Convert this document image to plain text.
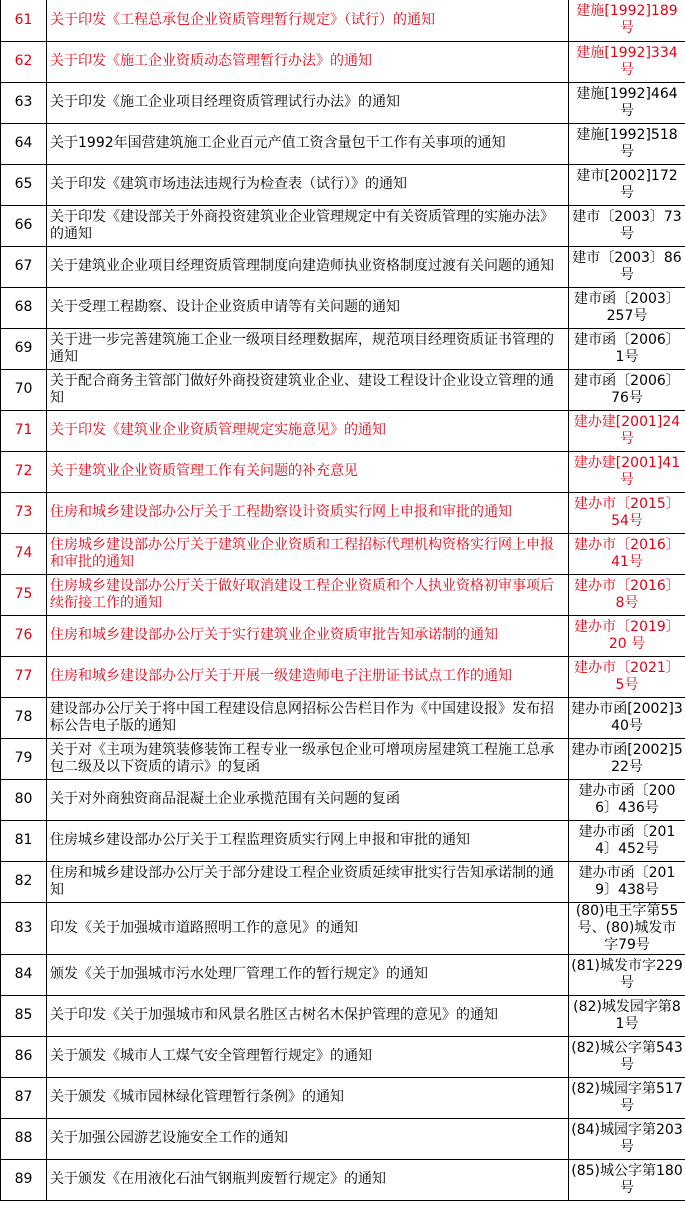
61	关于印发《工程总承包企业资质管理暂行规定》（试行）的通知	建施[1992]189号
62	关于印发《施工企业资质动态管理暂行办法》的通知	建施[1992]334号
63	关于印发《施工企业项目经理资质管理试行办法》的通知	建施[1992]464号
64	关于1992年国营建筑施工企业百元产值工资含量包干工作有关事项的通知	建施[1992]518号
65	关于印发《建筑市场违法违规行为检查表（试行）》的通知	建市[2002]172号
66	关于印发《建设部关于外商投资建筑业企业管理规定中有关资质管理的实施办法》的通知	建市〔2003〕73号
67	关于建筑业企业项目经理资质管理制度向建造师执业资格制度过渡有关问题的通知	建市〔2003〕86号
68	关于受理工程勘察、设计企业资质申请等有关问题的通知	建市函〔2003〕257号
69	关于进一步完善建筑施工企业一级项目经理数据库，规范项目经理资质证书管理的通知	建市函〔2006〕1号
70	关于配合商务主管部门做好外商投资建筑业企业、建设工程设计企业设立管理的通知	建市函〔2006〕76号
71	关于印发《建筑业企业资质管理规定实施意见》的通知	建办建[2001]24号
72	关于建筑业企业资质管理工作有关问题的补充意见	建办建[2001]41号
73	住房和城乡建设部办公厅关于工程勘察设计资质实行网上申报和审批的通知	建办市〔2015〕54号
74	住房城乡建设部办公厅关于建筑业企业资质和工程招标代理机构资格实行网上申报和审批的通知	建办市〔2016〕41号
75	住房城乡建设部办公厅关于做好取消建设工程企业资质和个人执业资格初审事项后续衔接工作的通知	建办市〔2016〕8号
76	住房和城乡建设部办公厅关于实行建筑业企业资质审批告知承诺制的通知	建办市〔2019〕20 号
77	住房和城乡建设部办公厅关于开展一级建造师电子注册证书试点工作的通知	建办市〔2021〕5号
78	建设部办公厅关于将中国工程建设信息网招标公告栏目作为《中国建设报》发布招标公告电子版的通知	建办市函[2002]340号
79	关于对《主项为建筑装修装饰工程专业一级承包企业可增项房屋建筑工程施工总承包二级及以下资质的请示》的复函	建办市函[2002]522号
80	关于对外商独资商品混凝土企业承揽范围有关问题的复函	建办市函〔2006〕436号
81	住房城乡建设部办公厅关于工程监理资质实行网上申报和审批的通知	建办市函〔2014〕452号
82	住房和城乡建设部办公厅关于部分建设工程企业资质延续审批实行告知承诺制的通知	建办市函〔2019〕438号
83	印发《关于加强城市道路照明工作的意见》的通知	(80)电王字第55号、(80)城发市字79号
84	颁发《关于加强城市污水处理厂管理工作的暂行规定》的通知	(81)城发市字229号
85	关于印发《关于加强城市和风景名胜区古树名木保护管理的意见》的通知	(82)城发园字第81号
86	关于颁发《城市人工煤气安全管理暂行规定》的通知	(82)城公字第543号
87	关于颁发《城市园林绿化管理暂行条例》的通知	(82)城园字第517号
88	关于加强公园游艺设施安全工作的通知	(84)城园字第203号
89	关于颁发《在用液化石油气钢瓶判废暂行规定》的通知	(85)城公字第180号
